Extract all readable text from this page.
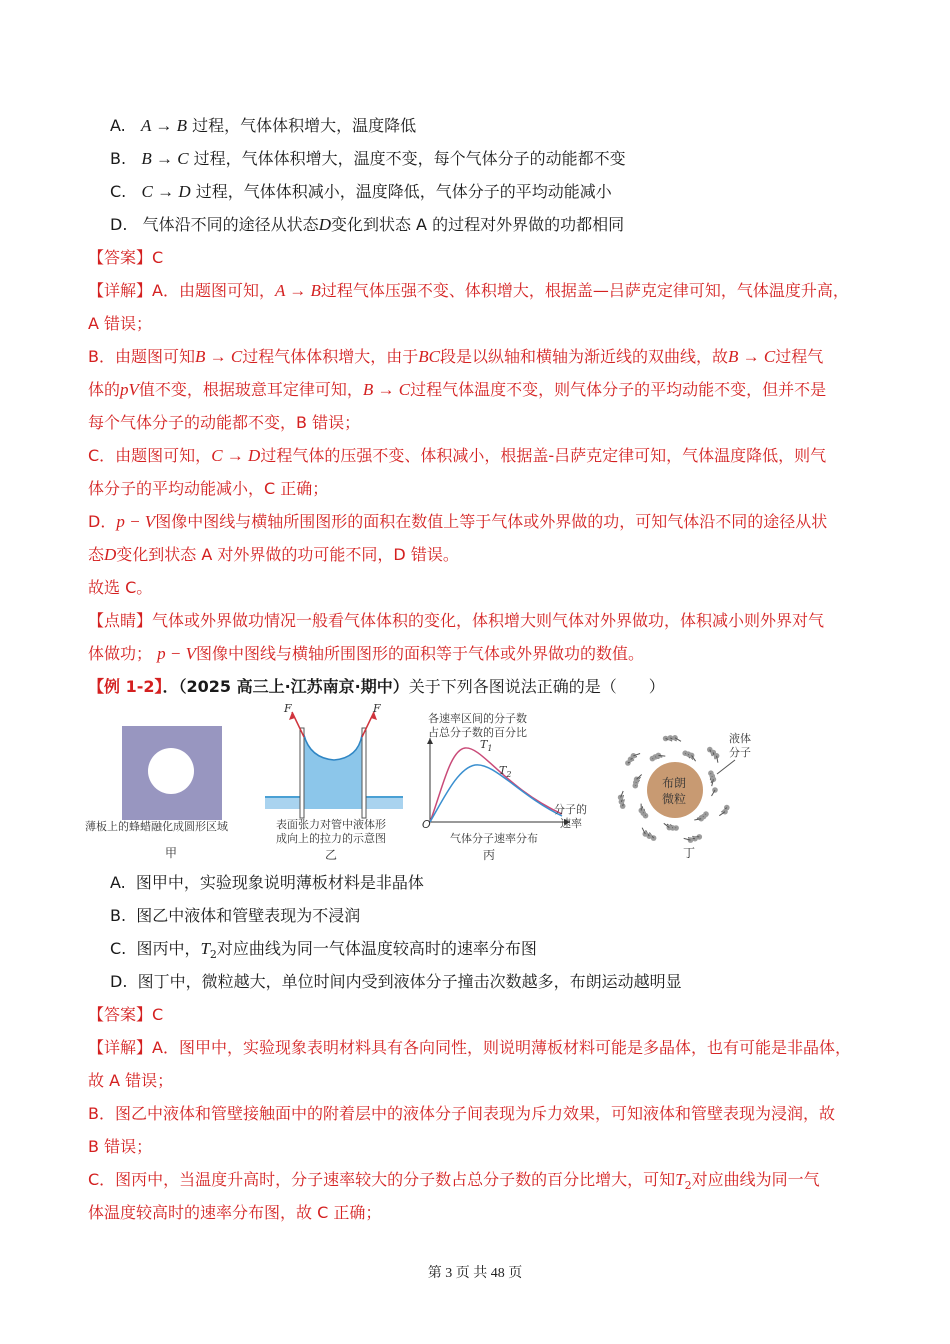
A. A → B 过程，气体体积增大，温度降低
B. B → C 过程，气体体积增大，温度不变，每个气体分子的动能都不变
C. C → D 过程，气体体积减小，温度降低，气体分子的平均动能减小
D. 气体沿不同的途径从状态D变化到状态 A 的过程对外界做的功都相同
【答案】C
【详解】A．由题图可知，A → B过程气体压强不变、体积增大，根据盖—吕萨克定律可知，气体温度升高，
A 错误；
B．由题图可知B → C过程气体体积增大，由于BC段是以纵轴和横轴为渐近线的双曲线，故B → C过程气
体的pV值不变，根据玻意耳定律可知，B → C过程气体温度不变，则气体分子的平均动能不变，但并不是
每个气体分子的动能都不变，B 错误；
C．由题图可知，C → D过程气体的压强不变、体积减小，根据盖-吕萨克定律可知，气体温度降低，则气
体分子的平均动能减小，C 正确；
D．p − V图像中图线与横轴所围图形的面积在数值上等于气体或外界做的功，可知气体沿不同的途径从状
态D变化到状态 A 对外界做的功可能不同，D 错误。
故选 C。
【点睛】气体或外界做功情况一般看气体体积的变化，体积增大则气体对外界做功，体积减小则外界对气
体做功； p − V图像中图线与横轴所围图形的面积等于气体或外界做功的数值。
【例 1-2】．（2025 高三上·江苏南京·期中）关于下列各图说法正确的是（　　）
薄板上的蜂蜡融化成圆形区域
甲
F	F
表面张力对管中液体形
成向上的拉力的示意图
乙
各速率区间的分子数
占总分子数的百分比
$T_1$
$T_2$
分子的
速率
O
气体分子速率分布
丙
布朗
微粒
液体
分子
丁
A. 图甲中，实验现象说明薄板材料是非晶体
B. 图乙中液体和管壁表现为不浸润
C. 图丙中，$T_2$对应曲线为同一气体温度较高时的速率分布图
D. 图丁中，微粒越大，单位时间内受到液体分子撞击次数越多，布朗运动越明显
【答案】C
【详解】A．图甲中，实验现象表明材料具有各向同性，则说明薄板材料可能是多晶体，也有可能是非晶体，
故 A 错误；
B．图乙中液体和管壁接触面中的附着层中的液体分子间表现为斥力效果，可知液体和管壁表现为浸润，故
B 错误；
C．图丙中，当温度升高时，分子速率较大的分子数占总分子数的百分比增大，可知$T_2$对应曲线为同一气
体温度较高时的速率分布图，故 C 正确；
第 3 页 共 48 页
